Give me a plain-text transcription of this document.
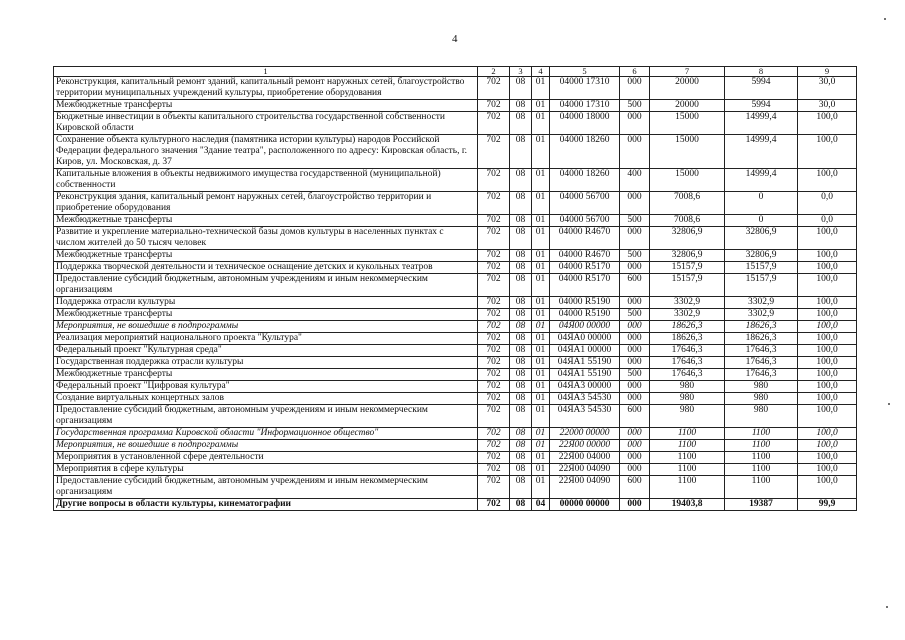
4
1	2	3	4	5	6	7	8	9
Реконструкция, капитальный ремонт зданий, капитальный ремонт наружных сетей, благоустройство территории муниципальных учреждений культуры, приобретение оборудования	702	08	01	04000 17310	000	20000	5994	30,0
Межбюджетные трансферты	702	08	01	04000 17310	500	20000	5994	30,0
Бюджетные инвестиции в объекты капитального строительства государственной собственности Кировской области	702	08	01	04000 18000	000	15000	14999,4	100,0
Сохранение объекта культурного наследия (памятника истории культуры) народов Российской Федерации федерального значения "Здание театра", расположенного по адресу: Кировская область, г. Киров, ул. Московская, д. 37	702	08	01	04000 18260	000	15000	14999,4	100,0
Капитальные вложения в объекты недвижимого имущества государственной (муниципальной) собственности	702	08	01	04000 18260	400	15000	14999,4	100,0
Реконструкция здания, капитальный ремонт наружных сетей, благоустройство территории и приобретение оборудования	702	08	01	04000 56700	000	7008,6	0	0,0
Межбюджетные трансферты	702	08	01	04000 56700	500	7008,6	0	0,0
Развитие и укрепление материально-технической базы домов культуры в населенных пунктах с числом жителей до 50 тысяч человек	702	08	01	04000 R4670	000	32806,9	32806,9	100,0
Межбюджетные трансферты	702	08	01	04000 R4670	500	32806,9	32806,9	100,0
Поддержка творческой деятельности и техническое оснащение детских и кукольных театров	702	08	01	04000 R5170	000	15157,9	15157,9	100,0
Предоставление субсидий бюджетным, автономным учреждениям и иным некоммерческим организациям	702	08	01	04000 R5170	600	15157,9	15157,9	100,0
Поддержка отрасли культуры	702	08	01	04000 R5190	000	3302,9	3302,9	100,0
Межбюджетные трансферты	702	08	01	04000 R5190	500	3302,9	3302,9	100,0
Мероприятия, не вошедшие в подпрограммы	702	08	01	04Я00 00000	000	18626,3	18626,3	100,0
Реализация мероприятий национального проекта "Культура"	702	08	01	04ЯА0 00000	000	18626,3	18626,3	100,0
Федеральный проект "Культурная среда"	702	08	01	04ЯА1 00000	000	17646,3	17646,3	100,0
Государственная поддержка отрасли культуры	702	08	01	04ЯА1 55190	000	17646,3	17646,3	100,0
Межбюджетные трансферты	702	08	01	04ЯА1 55190	500	17646,3	17646,3	100,0
Федеральный проект "Цифровая культура"	702	08	01	04ЯА3 00000	000	980	980	100,0
Создание виртуальных концертных залов	702	08	01	04ЯА3 54530	000	980	980	100,0
Предоставление субсидий бюджетным, автономным учреждениям и иным некоммерческим организациям	702	08	01	04ЯА3 54530	600	980	980	100,0
Государственная программа Кировской области "Информационное общество"	702	08	01	22000 00000	000	1100	1100	100,0
Мероприятия, не вошедшие в подпрограммы	702	08	01	22Я00 00000	000	1100	1100	100,0
Мероприятия в установленной сфере деятельности	702	08	01	22Я00 04000	000	1100	1100	100,0
Мероприятия в сфере культуры	702	08	01	22Я00 04090	000	1100	1100	100,0
Предоставление субсидий бюджетным, автономным учреждениям и иным некоммерческим организациям	702	08	01	22Я00 04090	600	1100	1100	100,0
Другие вопросы в области культуры, кинематографии	702	08	04	00000 00000	000	19403,8	19387	99,9
